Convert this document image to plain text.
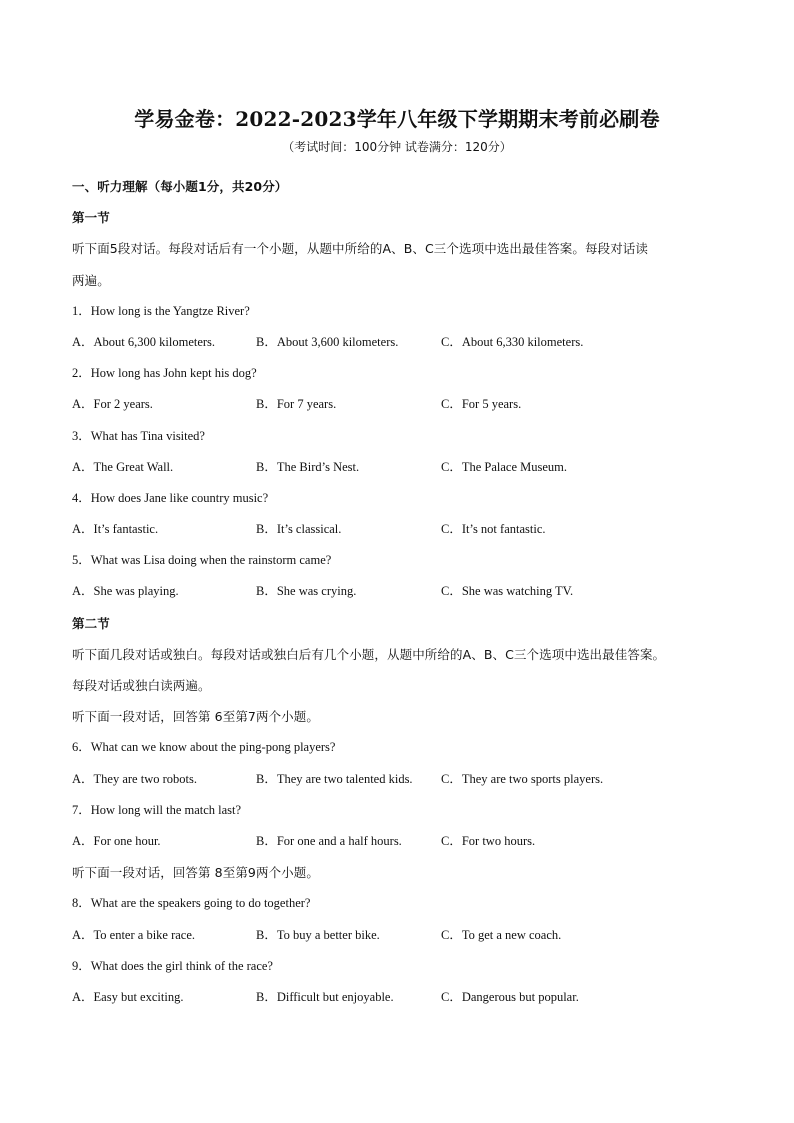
学易金卷：2022-2023学年八年级下学期期末考前必刷卷
（考试时间：100分钟 试卷满分：120分）
一、听力理解（每小题1分，共20分）
第一节
听下面5段对话。每段对话后有一个小题，从题中所给的A、B、C三个选项中选出最佳答案。每段对话读
两遍。
1．How long is the Yangtze River?
A．About 6,300 kilometers.	B．About 3,600 kilometers.	C．About 6,330 kilometers.
2．How long has John kept his dog?
A．For 2 years.	B．For 7 years.	C．For 5 years.
3．What has Tina visited?
A．The Great Wall.	B．The Bird’s Nest.	C．The Palace Museum.
4．How does Jane like country music?
A．It’s fantastic.	B．It’s classical.	C．It’s not fantastic.
5．What was Lisa doing when the rainstorm came?
A．She was playing.	B．She was crying.	C．She was watching TV.
第二节
听下面几段对话或独白。每段对话或独白后有几个小题，从题中所给的A、B、C三个选项中选出最佳答案。
每段对话或独白读两遍。
听下面一段对话，回答第 6至第7两个小题。
6．What can we know about the ping-pong players?
A．They are two robots.	B．They are two talented kids. C．They are two sports players.
7．How long will the match last?
A．For one hour.	B．For one and a half hours.	C．For two hours.
听下面一段对话，回答第 8至第9两个小题。
8．What are the speakers going to do together?
A．To enter a bike race.	B．To buy a better bike.	C．To get a new coach.
9．What does the girl think of the race?
A．Easy but exciting.	B．Difficult but enjoyable.	C．Dangerous but popular.
